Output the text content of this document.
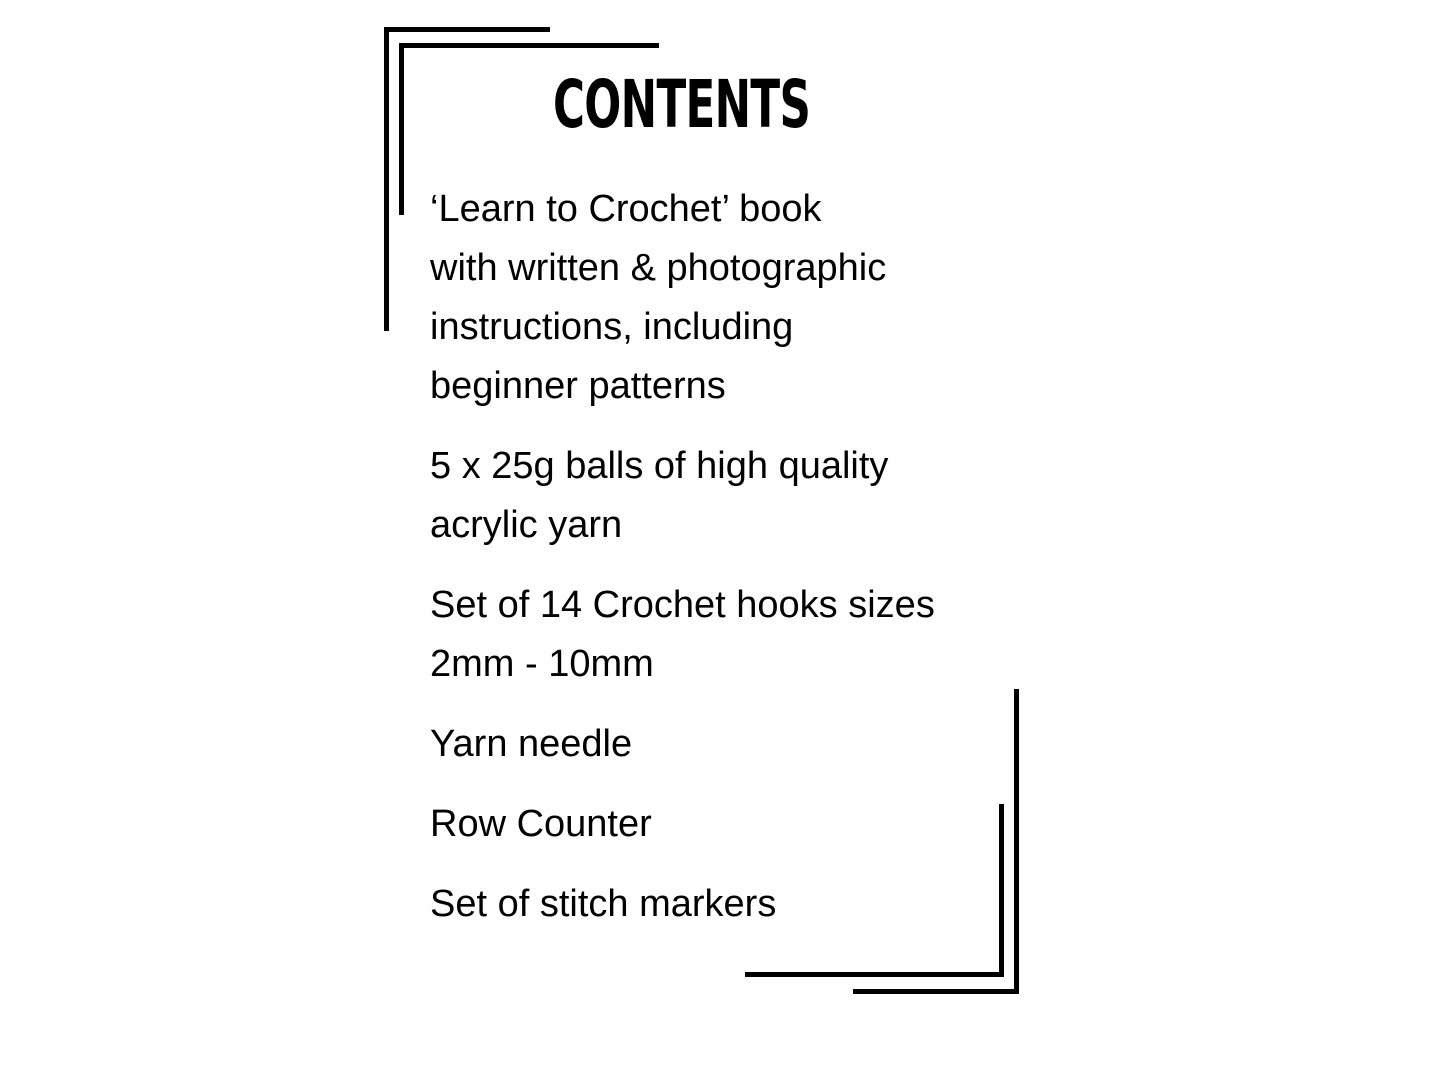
CONTENTS
‘Learn to Crochet’ book
with written & photographic
instructions, including
beginner patterns
5 x 25g balls of high quality
acrylic yarn
Set of 14 Crochet hooks sizes
2mm - 10mm
Yarn needle
Row Counter
Set of stitch markers
